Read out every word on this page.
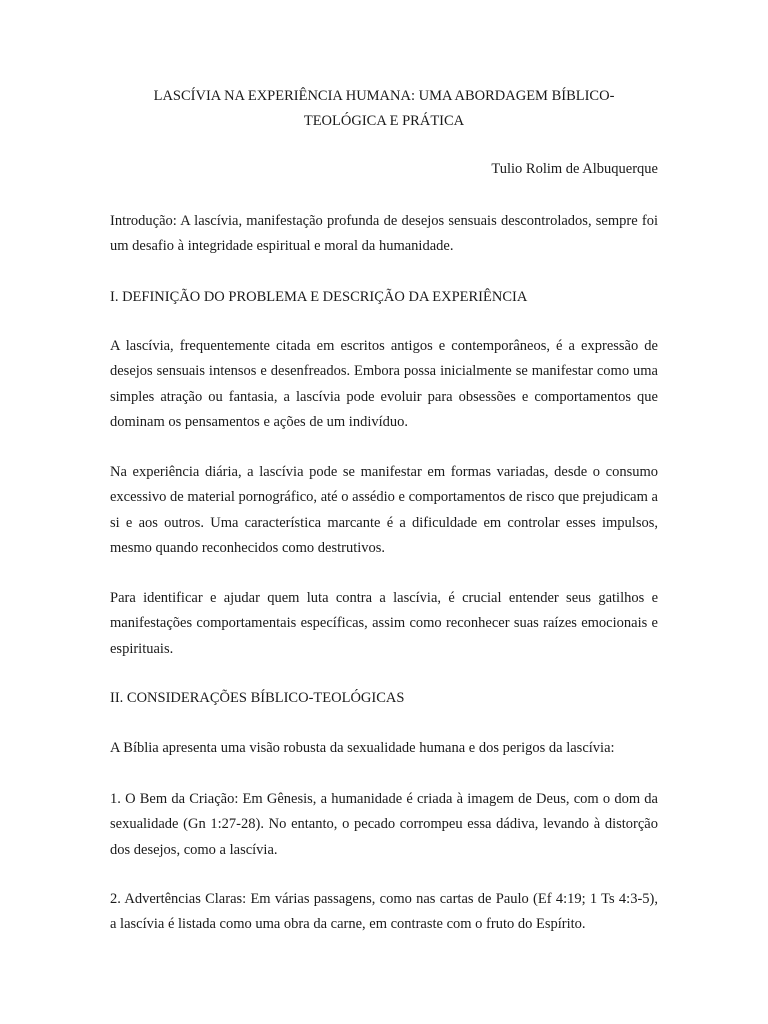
LASCÍVIA NA EXPERIÊNCIA HUMANA: UMA ABORDAGEM BÍBLICO-
TEOLÓGICA E PRÁTICA
Tulio Rolim de Albuquerque

Introdução: A lascívia, manifestação profunda de desejos sensuais descontrolados, sempre foi um desafio à integridade espiritual e moral da humanidade.

I. DEFINIÇÃO DO PROBLEMA E DESCRIÇÃO DA EXPERIÊNCIA

A lascívia, frequentemente citada em escritos antigos e contemporâneos, é a expressão de desejos sensuais intensos e desenfreados. Embora possa inicialmente se manifestar como uma simples atração ou fantasia, a lascívia pode evoluir para obsessões e comportamentos que dominam os pensamentos e ações de um indivíduo.

Na experiência diária, a lascívia pode se manifestar em formas variadas, desde o consumo excessivo de material pornográfico, até o assédio e comportamentos de risco que prejudicam a si e aos outros. Uma característica marcante é a dificuldade em controlar esses impulsos, mesmo quando reconhecidos como destrutivos.

Para identificar e ajudar quem luta contra a lascívia, é crucial entender seus gatilhos e manifestações comportamentais específicas, assim como reconhecer suas raízes emocionais e espirituais.

II. CONSIDERAÇÕES BÍBLICO-TEOLÓGICAS

A Bíblia apresenta uma visão robusta da sexualidade humana e dos perigos da lascívia:

1. O Bem da Criação: Em Gênesis, a humanidade é criada à imagem de Deus, com o dom da sexualidade (Gn 1:27-28). No entanto, o pecado corrompeu essa dádiva, levando à distorção dos desejos, como a lascívia.

2. Advertências Claras: Em várias passagens, como nas cartas de Paulo (Ef 4:19; 1 Ts 4:3-5), a lascívia é listada como uma obra da carne, em contraste com o fruto do Espírito.
